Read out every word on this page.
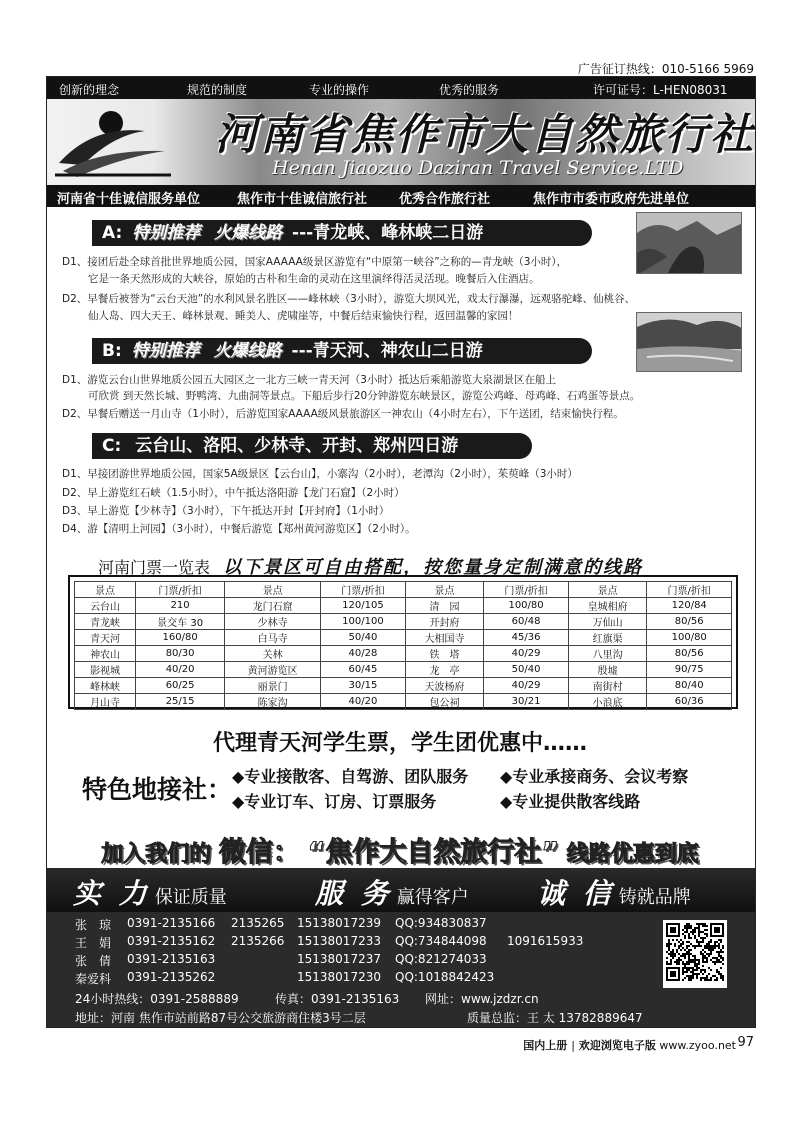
广告征订热线：010-5166 5969
创新的理念	规范的制度	专业的操作	优秀的服务	许可证号：L-HEN08031
河南省焦作市大自然旅行社
Henan Jiaozuo Daziran Travel Service.LTD
河南省十佳诚信服务单位	焦作市十佳诚信旅行社 优秀合作旅行社	焦作市市委市政府先进单位
A: 特别推荐 火爆线路 ---青龙峡、峰林峡二日游
D1、接团后赴全球首批世界地质公园，国家AAAAA级景区游览有“中原第一峡谷”之称的—青龙峡（3小时），
它是一条天然形成的大峡谷，原始的古朴和生命的灵动在这里演绎得活灵活现。晚餐后入住酒店。
D2、早餐后被誉为“云台天池”的水利风景名胜区——峰林峡（3小时），游览大坝风光，戏太行瀑瀑，远观骆驼峰、仙桃谷、
仙人岛、四大天王、峰林景观、睡美人、虎啸崖等，中餐后结束愉快行程，返回温馨的家园！
B: 特别推荐 火爆线路 ---青天河、神农山二日游
D1、游览云台山世界地质公园五大园区之一北方三峡一青天河（3小时）抵达后乘船游览大泉湖景区在船上
可欣赏 到天然长城、野鸭湾、九曲洞等景点。下船后步行20分钟游览东峡景区，游览公鸡峰、母鸡峰、石鸡蛋等景点。
D2、早餐后赠送一月山寺（1小时），后游览国家AAAA级风景旅游区一神农山（4小时左右），下午送团，结束愉快行程。
C: 云台山、洛阳、少林寺、开封、郑州四日游
D1、早接团游世界地质公园，国家5A级景区【云台山】，小寨沟（2小时），老潭沟（2小时），茱萸峰（3小时）
D2、早上游览红石峡（1.5小时），中午抵达洛阳游【龙门石窟】（2小时）
D3、早上游览【少林寺】（3小时），下午抵达开封【开封府】（1小时）
D4、游【清明上河园】（3小时），中餐后游览【郑州黄河游览区】（2小时）。
河南门票一览表 以下景区可自由搭配，按您量身定制满意的线路
景点	门票/折扣	景点	门票/折扣	景点	门票/折扣	景点	门票/折扣
云台山	210	龙门石窟	120/105	清　园	100/80	皇城相府	120/84
青龙峡	景交车 30	少林寺	100/100	开封府	60/48	万仙山	80/56
青天河	160/80	白马寺	50/40	大相国寺	45/36	红旗渠	100/80
神农山	80/30	关林	40/28	铁　塔	40/29	八里沟	80/56
影视城	40/20	黄河游览区	60/45	龙　亭	50/40	殷墟	90/75
峰林峡	60/25	丽景门	30/15	天波杨府	40/29	南街村	80/40
月山寺	25/15	陈家沟	40/20	包公祠	30/21	小浪底	60/36
代理青天河学生票，学生团优惠中……
特色地接社： ◆专业接散客、自驾游、团队服务 ◆专业承接商务、会议考察
◆专业订车、订房、订票服务	◆专业提供散客线路
加入我们的 微信： “焦作大自然旅行社” 线路优惠到底
实 力 保证质量	服 务 赢得客户 诚 信 铸就品牌
张　琼 0391-2135166 2135265 15138017239 QQ:934830837
王　娟 0391-2135162 2135266 15138017233 QQ:734844098 1091615933
张　倩 0391-2135163	15138017237 QQ:821274033
秦爱科 0391-2135262	15138017230 QQ:1018842423
24小时热线：0391-2588889	传真：0391-2135163 网址：www.jzdzr.cn
地址：河南 焦作市站前路87号公交旅游商住楼3号二层	质量总监：王 太 13782889647
国内上册 | 欢迎浏览电子版 www.zyoo.net 97
